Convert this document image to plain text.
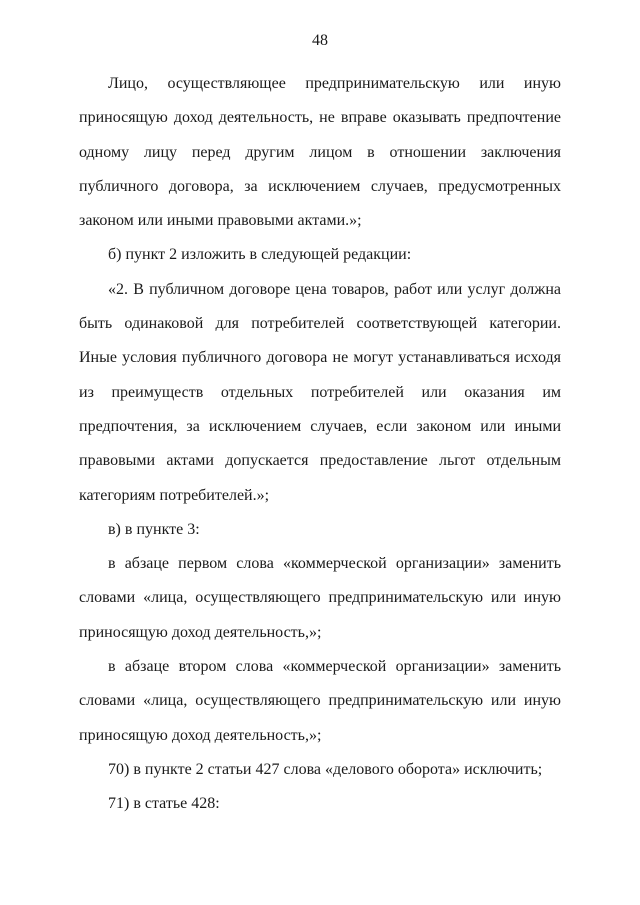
48

Лицо, осуществляющее предпринимательскую или иную приносящую доход деятельность, не вправе оказывать предпочтение одному лицу перед другим лицом в отношении заключения публичного договора, за исключением случаев, предусмотренных законом или иными правовыми актами.»;

б) пункт 2 изложить в следующей редакции:

«2. В публичном договоре цена товаров, работ или услуг должна быть одинаковой для потребителей соответствующей категории. Иные условия публичного договора не могут устанавливаться исходя из преимуществ отдельных потребителей или оказания им предпочтения, за исключением случаев, если законом или иными правовыми актами допускается предоставление льгот отдельным категориям потребителей.»;

в) в пункте 3:

в абзаце первом слова «коммерческой организации» заменить словами «лица, осуществляющего предпринимательскую или иную приносящую доход деятельность,»;

в абзаце втором слова «коммерческой организации» заменить словами «лица, осуществляющего предпринимательскую или иную приносящую доход деятельность,»;

70) в пункте 2 статьи 427 слова «делового оборота» исключить;

71) в статье 428:
